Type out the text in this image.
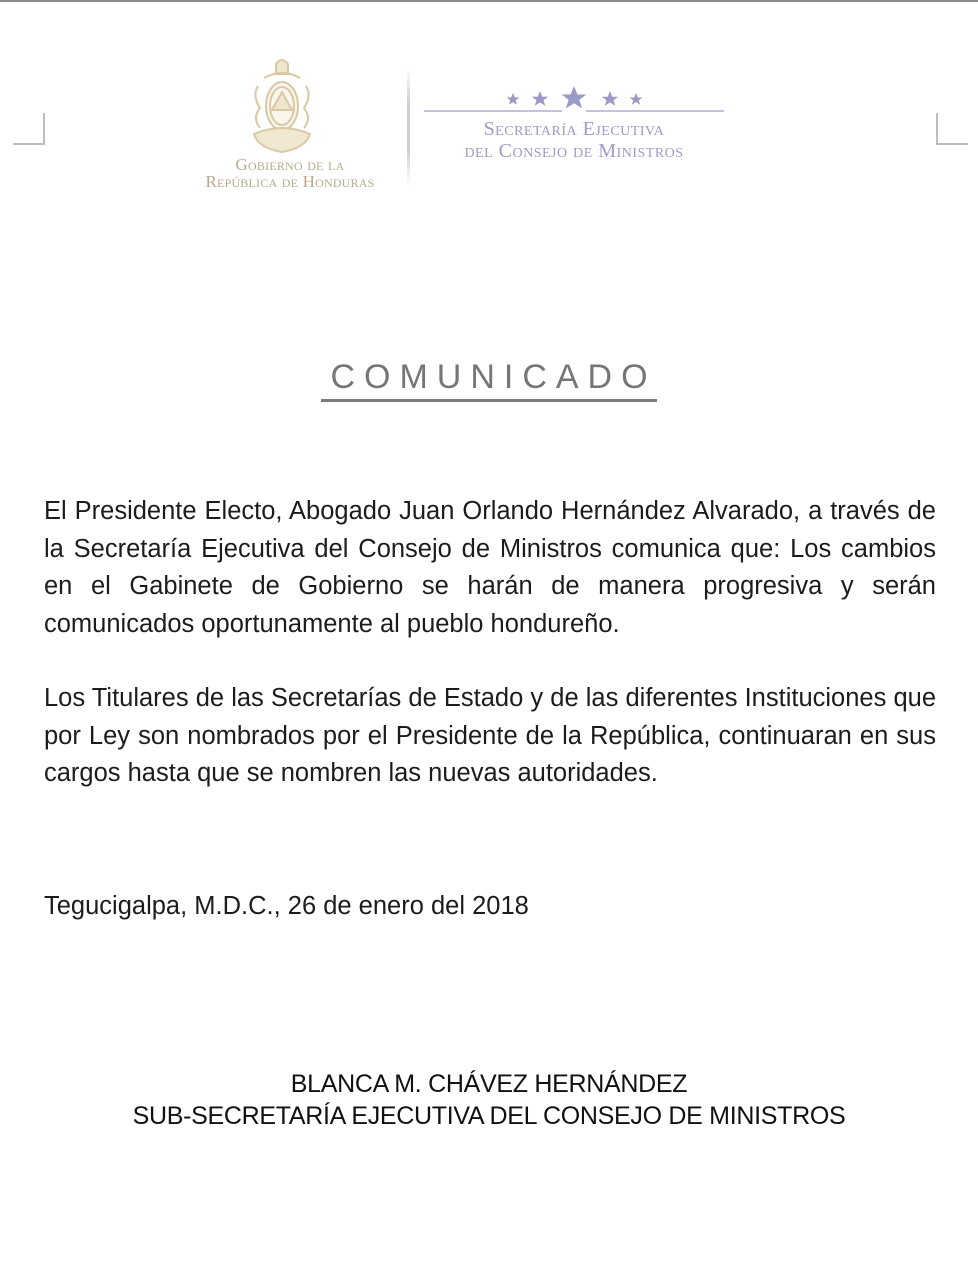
Gobierno de la
República de Honduras
Secretaría Ejecutiva
del Consejo de Ministros
COMUNICADO

El Presidente Electo, Abogado Juan Orlando Hernández Alvarado, a través de la Secretaría Ejecutiva del Consejo de Ministros comunica que: Los cambios en el Gabinete de Gobierno se harán de manera progresiva y serán comunicados oportunamente al pueblo hondureño.

Los Titulares de las Secretarías de Estado y de las diferentes Instituciones que por Ley son nombrados por el Presidente de la República, continuaran en sus cargos hasta que se nombren las nuevas autoridades.

Tegucigalpa, M.D.C., 26 de enero del 2018
BLANCA M. CHÁVEZ HERNÁNDEZ
SUB-SECRETARÍA EJECUTIVA DEL CONSEJO DE MINISTROS
